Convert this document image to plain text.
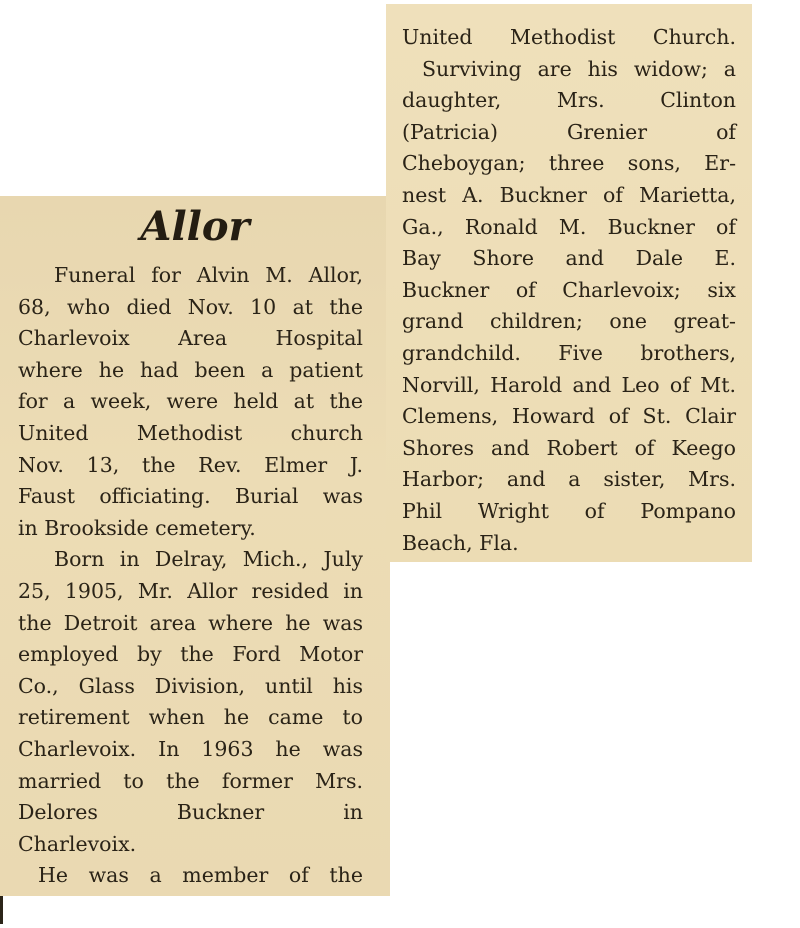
Allor
Funeral for Alvin M. Allor,
68, who died Nov. 10 at the
Charlevoix Area Hospital
where he had been a patient
for a week, were held at the
United Methodist church
Nov. 13, the Rev. Elmer J.
Faust officiating. Burial was
in Brookside cemetery.
Born in Delray, Mich., July
25, 1905, Mr. Allor resided in
the Detroit area where he was
employed by the Ford Motor
Co., Glass Division, until his
retirement when he came to
Charlevoix. In 1963 he was
married to the former Mrs.
Delores Buckner in
Charlevoix.
He was a member of the
United Methodist Church.
Surviving are his widow; a
daughter, Mrs. Clinton
(Patricia) Grenier of
Cheboygan; three sons, Er-
nest A. Buckner of Marietta,
Ga., Ronald M. Buckner of
Bay Shore and Dale E.
Buckner of Charlevoix; six
grand children; one great-
grandchild. Five brothers,
Norvill, Harold and Leo of Mt.
Clemens, Howard of St. Clair
Shores and Robert of Keego
Harbor; and a sister, Mrs.
Phil Wright of Pompano
Beach, Fla.
